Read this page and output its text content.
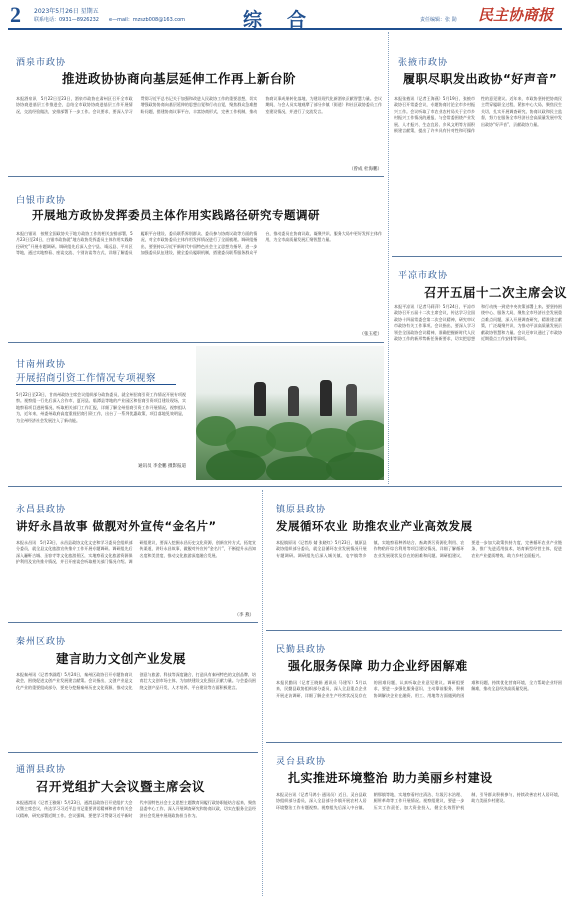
2 2023年5月26日 星期五
联系电话：0931—8926232　　e—mail：mzszb008@163.com	综　合	责任编辑：张 勋 民主协商报
酒泉市政协
推进政协协商向基层延伸工作再上新台阶
本报酒泉讯　5月22日至23日，酒泉市政协在肃州区召开全市政协协商进基层工作推进会，总结全市政协协商进基层工作开展情况，交流经验做法，安排部署下一步工作。会议要求，要深入学习贯彻习近平总书记关于加强和改进人民政协工作的重要思想，切实增强政协协商向基层延伸的思想自觉和行动自觉，聚焦群众急难愁盼问题，搭建协商议事平台，丰富协商形式，完善工作机制，推动协商议事成果转化落地，为建设现代化新酒泉贡献智慧力量。会议期间，与会人员实地观摩了部分乡镇（街道）和社区政协委员工作室建设情况，并进行了交流发言。
（曾成 杜海鹏）
张掖市政协
履职尽职发出政协“好声音”
本报张掖讯（记者王海燕）5月19日，张掖市政协召开常委会议，专题协商讨论全市乡村振兴工作。会议听取了市农业农村局关于全市乡村振兴工作情况的通报，与会常委围绕产业发展、人才振兴、生态宜居、乡风文明等方面积极建言献策，提出了许多具有针对性和可操作性的意见建议。近年来，市政协坚持把协商民主贯穿履职全过程，紧扣中心大局，聚焦民生关切，扎实开展调查研究、协商议政和民主监督，努力在服务全市经济社会高质量发展中发出政协“好声音”，贡献政协力量。
白银市政协
开展地方政协发挥委员主体作用实践路径研究专题调研
本报白银讯　按照全国政协关于地方政协工作的相关安排部署，5月23日至24日，白银市政协就“地方政协发挥委员主体作用实践路径研究”开展专题调研。调研组先后深入会宁县、靖远县、平川区等地，通过实地察看、座谈交流、个别访谈等方式，详细了解委员履职平台建设、委员联系界别群众、委员参与协商议政等方面的情况，对全市政协委员主体作用发挥情况进行了全面梳理。调研组指出，要坚持以习近平新时代中国特色社会主义思想为指导，进一步加强委员队伍建设，健全委员履职机制，搭建委员联系服务群众平台，推动委员在协商议政、凝聚共识、服务大局中更好发挥主体作用，为全市高质量发展汇聚智慧力量。
（张玉桂）
平凉市政协
召开五届十二次主席会议
本报平凉讯（记者马莉萍）5月24日，平凉市政协召开五届十二次主席会议，传达学习全国政协十四届常委会第二次会议精神，研究审议市政协有关工作事项。会议指出，要深入学习领会全国政协会议精神，准确把握新时代人民政协工作的新形势新任务新要求，切实把思想和行动统一到党中央决策部署上来。要坚持围绕中心、服务大局，聚焦全市经济社会发展重点难点问题，深入开展调查研究，精准建言献策，广泛凝聚共识，为推动平凉高质量发展贡献政协智慧和力量。会议还审议通过了市政协近期重点工作安排等事项。
甘南州政协
开展招商引资工作情况专项视察
5月22日至23日，甘南州政协主席会议组织部分政协委员，就全州招商引资工作情况开展专项视察。视察组一行先后深入合作市、夏河县、临潭县等地的产业园区和招商引资项目建设现场，实地察看项目进展情况，听取相关部门工作汇报，详细了解全州招商引资工作开展情况。视察组认为，近年来，州委州政府高度重视招商引资工作，出台了一系列优惠政策，项目落地见效明显，为全州经济社会发展注入了新动能。
通讯员 李金鹏 摄影报道
永昌县政协
讲好永昌故事 做靓对外宣传“金名片”
本报永昌讯　5月23日，永昌县政协文化文史和学习委员会组织部分委员，就全县文化旅游宣传推介工作开展专题调研。调研组先后深入骊靬古城、圣容寺等文化旅游景区，实地察看文化旅游资源保护利用及宣传推介情况，并召开座谈会听取相关部门情况介绍。调研组建议，要深入挖掘永昌历史文化资源，创新宣传方式，拓宽宣传渠道，讲好永昌故事，做靓对外宣传“金名片”，不断提升永昌知名度和美誉度，推动文化旅游深度融合发展。
（李 燕）
镇原县政协
发展循环农业 助推农业产业高效发展
本报镇原讯（记者苏 婧 张晓红）5月23日，镇原县政协组织部分委员，就全县循环农业发展情况开展专题调研。调研组先后深入城关镇、屯字镇等乡镇，实地察看种养结合、畜禽粪污资源化利用、农作物秸秆综合利用等项目建设情况，详细了解循环农业发展现状及存在的困难和问题。调研组建议，要进一步加大政策扶持力度，完善循环农业产业链条，推广先进适用技术，培育新型经营主体，促进农业产业提质增效，助力乡村全面振兴。
秦州区政协
建言助力文创产业发展
本报秦州讯（记者李淑霞）5月24日，秦州区政协召开专题协商议政会，围绕促进文创产业发展建言献策。会议指出，文创产业是文化产业的重要组成部分，要充分挖掘秦州历史文化资源，推动文化创意与旅游、科技等深度融合，打造具有秦州特色的文创品牌，培育壮大文创市场主体，为加快建设文化强区贡献力量。与会委员围绕文创产品开发、人才培养、平台建设等方面积极建言。
民勤县政协
强化服务保障 助力企业纾困解难
本报民勤讯（记者王晓娟 通讯员 马建军）5月以来，民勤县政协组织部分委员，深入全县重点企业开展走访调研，详细了解企业生产经营状况及存在的困难问题，认真听取企业意见建议。调研组要求，要进一步强化服务意识，主动靠前服务，积极协调解决企业在融资、用工、用地等方面遇到的困难和问题，持续优化营商环境，全力帮助企业纾困解难，推动全县经济高质量发展。
通渭县政协
召开党组扩大会议暨主席会议
本报通渭讯（记者王雅娟）5月23日，通渭县政协召开党组扩大会议暨主席会议，传达学习习近平总书记重要讲话精神和省市有关会议精神，研究部署近期工作。会议强调，要把学习贯彻习近平新时代中国特色社会主义思想主题教育同履行政协职能结合起来，聚焦县委中心工作，深入开展调查研究和协商议政，切实在服务全县经济社会发展中展现政协担当作为。
灵台县政协
扎实推进环境整治 助力美丽乡村建设
本报灵台讯（记者马鸿小 通讯员）近日，灵台县政协组织部分委员，深入全县部分乡镇开展农村人居环境整治工作专题视察。视察组先后深入中台镇、朝那镇等地，实地察看村庄清洁、垃圾污水治理、厕所革命等工作开展情况。视察组建议，要进一步压实工作责任，加大资金投入，健全长效管护机制，引导群众积极参与，持续改善农村人居环境，助力美丽乡村建设。
